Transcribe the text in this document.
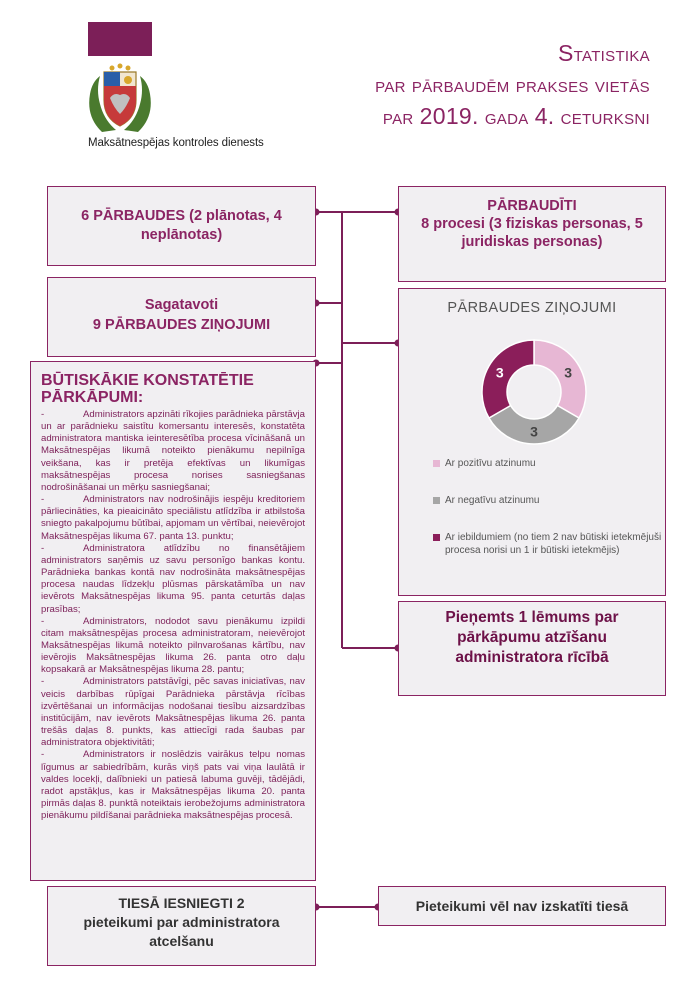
Maksātnespējas kontroles dienests
Statistika
par pārbaudēm prakses vietās
par 2019. gada 4. ceturksni
6 PĀRBAUDES (2 plānotas, 4 neplānotas)
PĀRBAUDĪTI
8 procesi (3 fiziskas personas, 5 juridiskas personas)
Sagatavoti
9 PĀRBAUDES ZIŅOJUMI
PĀRBAUDES ZIŅOJUMI
3
3
3
Ar pozitīvu atzinumu
Ar negatīvu atzinumu
Ar iebildumiem (no tiem 2 nav būtiski ietekmējuši procesa norisi un 1 ir būtiski ietekmējis)

BŪTISKĀKIE KONSTATĒTIE PĀRKĀPUMI:

-	Administrators apzināti rīkojies parādnieka pārstāvja un ar parādnieku saistītu komersantu interesēs, konstatēta administratora mantiska ieinteresētība procesa vīcināšanā un Maksātnespējas likumā noteikto pienākumu nepilnīga veikšana, kas ir pretēja efektīvas un likumīgas maksātnespējas procesa norises sasniegšanas nodrošināšanai un mērķu sasniegšanai;

-	Administrators nav nodrošinājis iespēju kreditoriem pārliecināties, ka pieaicināto speciālistu atlīdzība ir atbilstoša sniegto pakalpojumu būtībai, apjomam un vērtībai, neievērojot Maksātnespējas likuma 67. panta 13. punktu;

-	Administratora atlīdzību no finansētājiem administrators saņēmis uz savu personīgo bankas kontu. Parādnieka bankas kontā nav nodrošināta maksātnespējas procesa naudas līdzekļu plūsmas pārskatāmība un nav ievērots Maksātnespējas likuma 95. panta ceturtās daļas prasības;

-	Administrators, nododot savu pienākumu izpildi citam maksātnespējas procesa administratoram, neievērojot Maksātnespējas likumā noteikto pilnvarošanas kārtību, nav ievērojis Maksātnespējas likuma 26. panta otro daļu kopsakarā ar Maksātnespējas likuma 28. pantu;

-	Administrators patstāvīgi, pēc savas iniciatīvas, nav veicis darbības rūpīgai Parādnieka pārstāvja rīcības izvērtēšanai un informācijas nodošanai tiesību aizsardzības institūcijām, nav ievērots Maksātnespējas likuma 26. panta trešās daļas 8. punkts, kas attiecīgi rada šaubas par administratora objektivitāti;

-	Administrators ir noslēdzis vairākus telpu nomas līgumus ar sabiedrībām, kurās viņš pats vai viņa laulātā ir valdes locekļi, dalībnieki un patiesā labuma guvēji, tādējādi, radot apstākļus, kas ir Maksātnespējas likuma 20. panta pirmās daļas 8. punktā noteiktais ierobežojums administratora pienākumu pildīšanai parādnieka maksātnespējas procesā.

Pieņemts 1 lēmums par pārkāpumu atzīšanu administratora rīcībā
TIESĀ IESNIEGTI 2
pieteikumi par administratora atcelšanu
Pieteikumi vēl nav izskatīti tiesā
